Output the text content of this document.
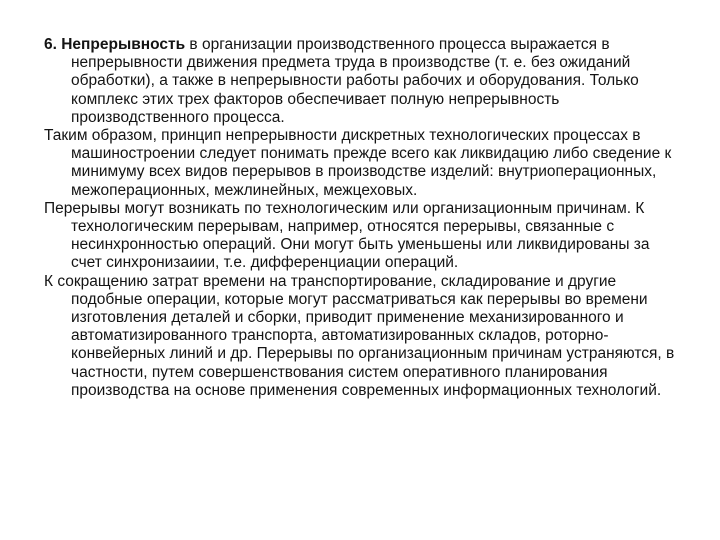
6. Непрерывность в организации производственного процесса выражается в непрерывности движения предмета труда в производстве (т. е. без ожиданий обработки), а также в непрерывности работы рабочих и оборудования. Только комплекс этих трех факторов обеспечивает полную непрерывность производственного процесса.

Таким образом, принцип непрерывности дискретных технологических процессах в машиностроении следует понимать прежде всего как ликвидацию либо сведение к минимуму всех видов перерывов в производстве изделий: внутриоперационных, межоперационных, межлинейных, межцеховых.

Перерывы могут возникать по технологическим или организационным причинам. К технологическим перерывам, например, относятся перерывы, связанные с несинхронностью операций. Они могут быть уменьшены или ликвидированы за счет синхронизаиии, т.е. дифференциации операций.

К сокращению затрат времени на транспортирование, складирование и другие подобные операции, которые могут рассматриваться как перерывы во времени изготовления деталей и сборки, приводит применение механизированного и автоматизированного транспорта, автоматизированных складов, роторно-конвейерных линий и др. Перерывы по организационным причинам устраняются, в частности, путем совершенствования систем оперативного планирования производства на основе применения современных информационных технологий.
